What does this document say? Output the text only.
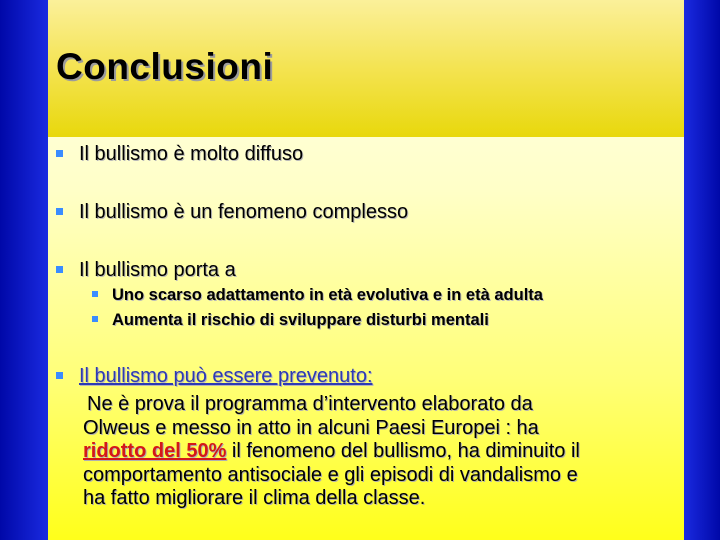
Conclusioni
Il bullismo è molto diffuso
Il bullismo è un fenomeno complesso
Il bullismo porta a
Uno scarso adattamento in età evolutiva e in età adulta
Aumenta il rischio di sviluppare disturbi mentali
Il bullismo può essere prevenuto:
Ne è prova il programma d’intervento elaborato da
Olweus e messo in atto in alcuni Paesi Europei : ha
ridotto del 50% il fenomeno del bullismo, ha diminuito il
comportamento antisociale e gli episodi di vandalismo e
ha fatto migliorare il clima della classe.
